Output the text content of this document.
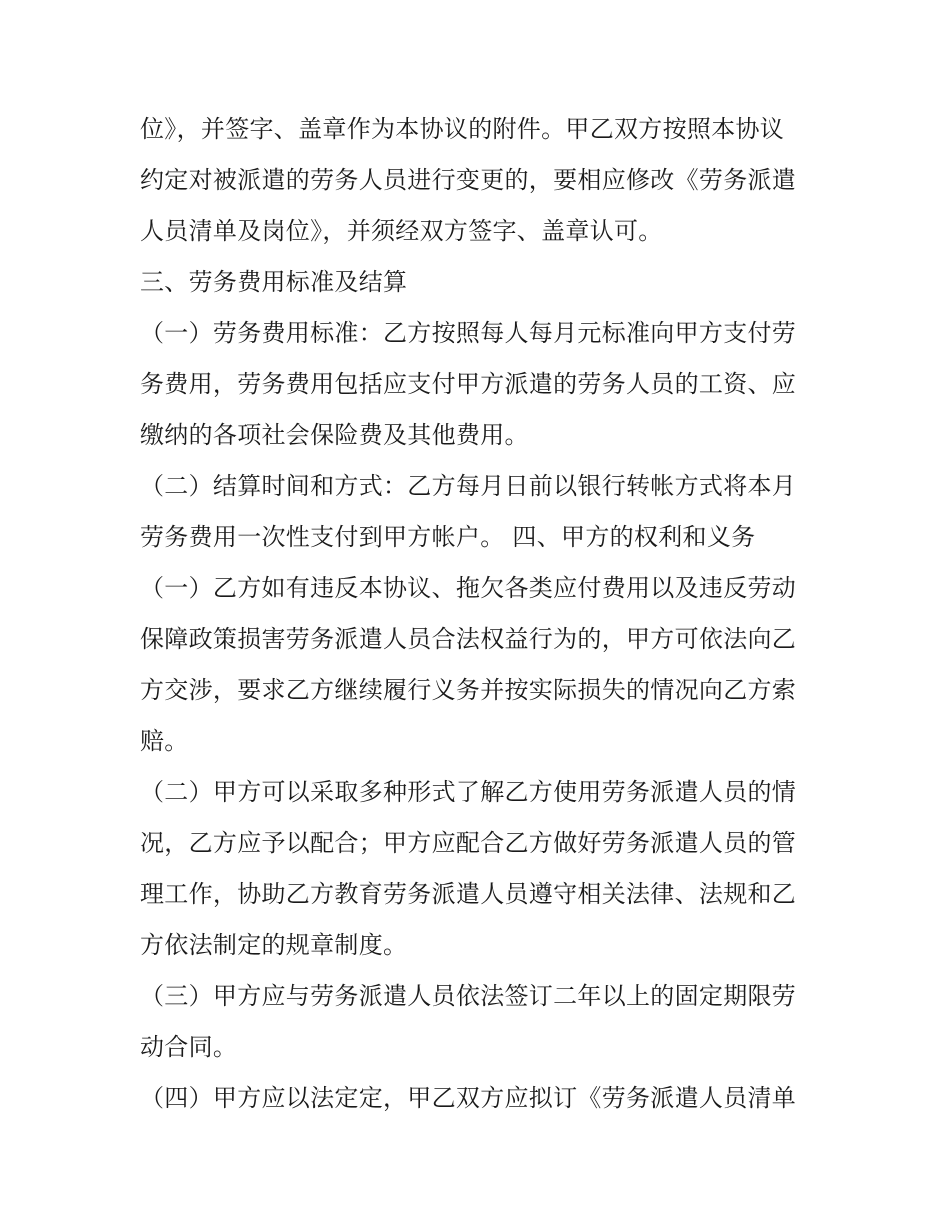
位》，并签字、盖章作为本协议的附件。甲乙双方按照本协议
约定对被派遣的劳务人员进行变更的，要相应修改《劳务派遣
人员清单及岗位》，并须经双方签字、盖章认可。
三、劳务费用标准及结算
（一）劳务费用标准：乙方按照每人每月元标准向甲方支付劳
务费用，劳务费用包括应支付甲方派遣的劳务人员的工资、应
缴纳的各项社会保险费及其他费用。
（二）结算时间和方式：乙方每月日前以银行转帐方式将本月
劳务费用一次性支付到甲方帐户。 四、甲方的权利和义务
（一）乙方如有违反本协议、拖欠各类应付费用以及违反劳动
保障政策损害劳务派遣人员合法权益行为的，甲方可依法向乙
方交涉，要求乙方继续履行义务并按实际损失的情况向乙方索
赔。
（二）甲方可以采取多种形式了解乙方使用劳务派遣人员的情
况，乙方应予以配合；甲方应配合乙方做好劳务派遣人员的管
理工作，协助乙方教育劳务派遣人员遵守相关法律、法规和乙
方依法制定的规章制度。
（三）甲方应与劳务派遣人员依法签订二年以上的固定期限劳
动合同。
（四）甲方应以法定定，甲乙双方应拟订《劳务派遣人员清单
